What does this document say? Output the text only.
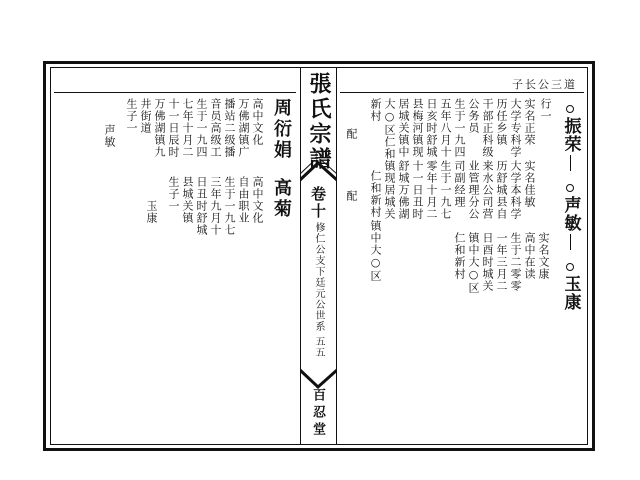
子长公三道
張氏宗譜
卷十
修仁公支下廷元公世系 五五
百忍堂
振荣

声敏

玉康
行一
实名正荣
大学专科学
历任乡镇
干部正科级
公务员
生于一九四
五年八月十
日亥时舒城
县梅河镇现
居城关镇中
大○区仁和
新村
配
仁和新村
配	业管理分公
司副经理
生于一九七
零年十月二
十一日丑时
舒城万佛湖
镇现居城关
镇中大○区
实名佳敏
大学本科学
历舒城县自
来水公司营
实名文康
高中在读
生于二零零
一年三月二
日酉时城关
镇中大○区
仁和新村
周衍娟
高菊
高中文化
万佛湖镇广
播站二级播
音员高级工
生于一九四
七年十月二
十一日辰时
万佛湖镇九
井街道
生子一
声敏
高中文化
自由职业
生于一九七
三年九月十
日丑时舒城
县城关镇
生子一
玉康
